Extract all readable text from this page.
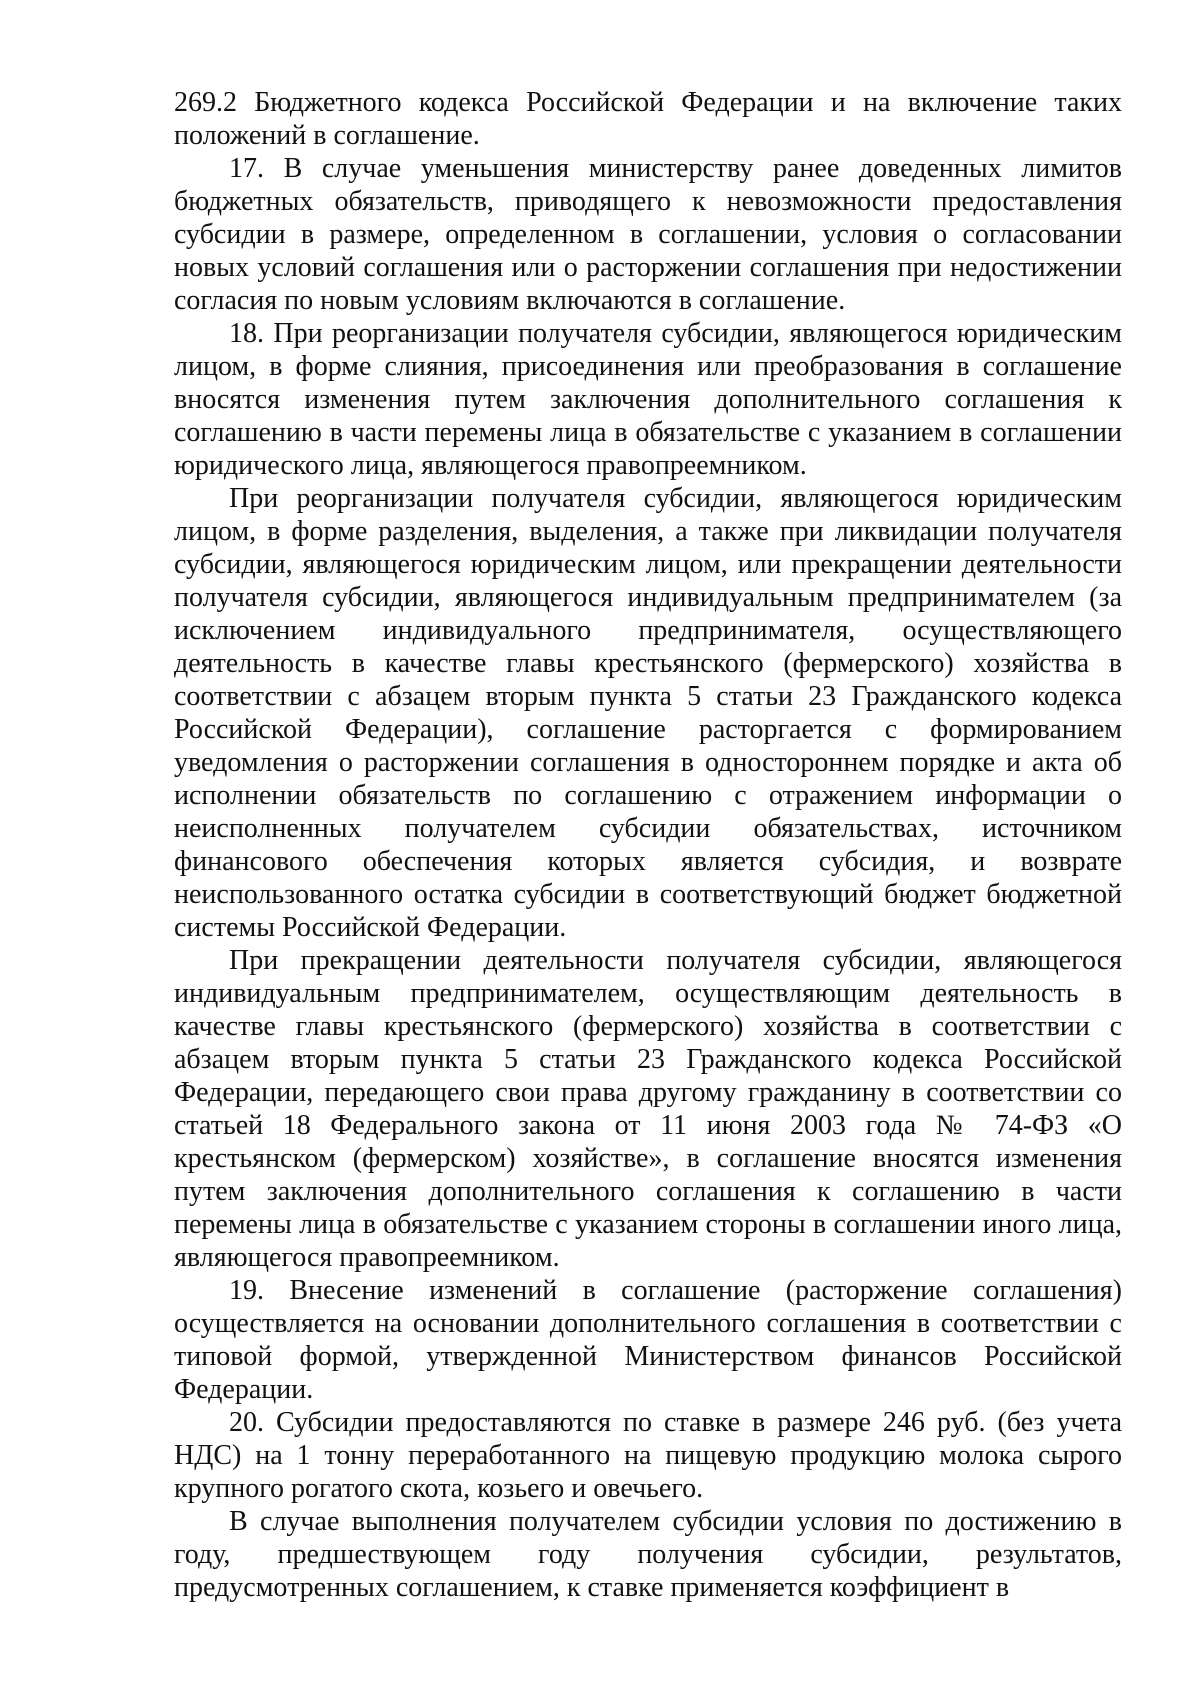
269.2 Бюджетного кодекса Российской Федерации и на включение таких положений в соглашение.

17. В случае уменьшения министерству ранее доведенных лимитов бюджетных обязательств, приводящего к невозможности предоставления субсидии в размере, определенном в соглашении, условия о согласовании новых условий соглашения или о расторжении соглашения при недостижении согласия по новым условиям включаются в соглашение.

18. При реорганизации получателя субсидии, являющегося юридическим лицом, в форме слияния, присоединения или преобразования в соглашение вносятся изменения путем заключения дополнительного соглашения к соглашению в части перемены лица в обязательстве с указанием в соглашении юридического лица, являющегося правопреемником.

При реорганизации получателя субсидии, являющегося юридическим лицом, в форме разделения, выделения, а также при ликвидации получателя субсидии, являющегося юридическим лицом, или прекращении деятельности получателя субсидии, являющегося индивидуальным предпринимателем (за исключением индивидуального предпринимателя, осуществляющего деятельность в качестве главы крестьянского (фермерского) хозяйства в соответствии с абзацем вторым пункта 5 статьи 23 Гражданского кодекса Российской Федерации), соглашение расторгается с формированием уведомления о расторжении соглашения в одностороннем порядке и акта об исполнении обязательств по соглашению с отражением информации о неисполненных получателем субсидии обязательствах, источником финансового обеспечения которых является субсидия, и возврате неиспользованного остатка субсидии в соответствующий бюджет бюджетной системы Российской Федерации.

При прекращении деятельности получателя субсидии, являющегося индивидуальным предпринимателем, осуществляющим деятельность в качестве главы крестьянского (фермерского) хозяйства в соответствии с абзацем вторым пункта 5 статьи 23 Гражданского кодекса Российской Федерации, передающего свои права другому гражданину в соответствии со статьей 18 Федерального закона от 11 июня 2003 года № 74-ФЗ «О крестьянском (фермерском) хозяйстве», в соглашение вносятся изменения путем заключения дополнительного соглашения к соглашению в части перемены лица в обязательстве с указанием стороны в соглашении иного лица, являющегося правопреемником.

19. Внесение изменений в соглашение (расторжение соглашения) осуществляется на основании дополнительного соглашения в соответствии с типовой формой, утвержденной Министерством финансов Российской Федерации.

20. Субсидии предоставляются по ставке в размере 246 руб. (без учета НДС) на 1 тонну переработанного на пищевую продукцию молока сырого крупного рогатого скота, козьего и овечьего.

В случае выполнения получателем субсидии условия по достижению в году, предшествующем году получения субсидии, результатов, предусмотренных соглашением, к ставке применяется коэффициент в
